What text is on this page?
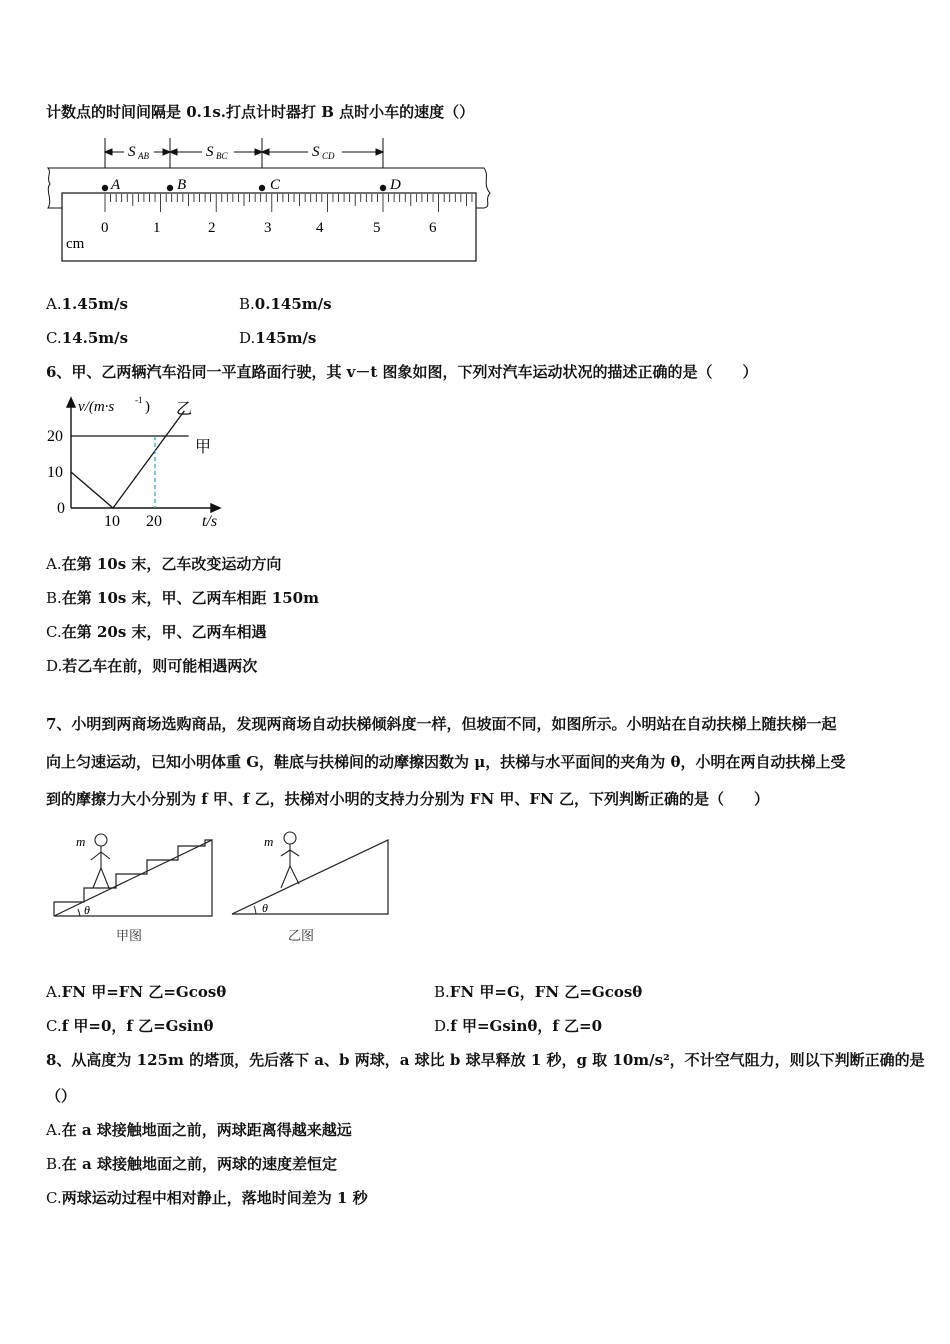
计数点的时间间隔是 0.1s.打点计时器打 B 点时小车的速度（）
S AB	S BC	S CD
0	1	2	3	4	5	6
cm
A	B	C	D
A.1.45m/s	B.0.145m/s
C.14.5m/s	D.145m/s
6、甲、乙两辆汽车沿同一平直路面行驶，其 v－t 图象如图，下列对汽车运动状况的描述正确的是（　　）
10 20
0
10
20
v/(m·s -1 )
t/s
甲
乙
A.在第 10s 末，乙车改变运动方向
B.在第 10s 末，甲、乙两车相距 150m
C.在第 20s 末，甲、乙两车相遇
D.若乙车在前，则可能相遇两次
7、小明到两商场选购商品，发现两商场自动扶梯倾斜度一样，但坡面不同，如图所示。小明站在自动扶梯上随扶梯一起
向上匀速运动，已知小明体重 G，鞋底与扶梯间的动摩擦因数为 μ，扶梯与水平面间的夹角为 θ，小明在两自动扶梯上受
到的摩擦力大小分别为 f 甲、f 乙，扶梯对小明的支持力分别为 FN 甲、FN 乙，下列判断正确的是（　　）
m
θ
甲图
m
θ
乙图
A.FN 甲=FN 乙=Gcosθ	B.FN 甲=G，FN 乙=Gcosθ
C.f 甲=0，f 乙=Gsinθ	D.f 甲=Gsinθ，f 乙=0
8、从高度为 125m 的塔顶，先后落下 a、b 两球，a 球比 b 球早释放 1 秒，g 取 10m/s²，不计空气阻力，则以下判断正确的是
（）
A.在 a 球接触地面之前，两球距离得越来越远
B.在 a 球接触地面之前，两球的速度差恒定
C.两球运动过程中相对静止，落地时间差为 1 秒
